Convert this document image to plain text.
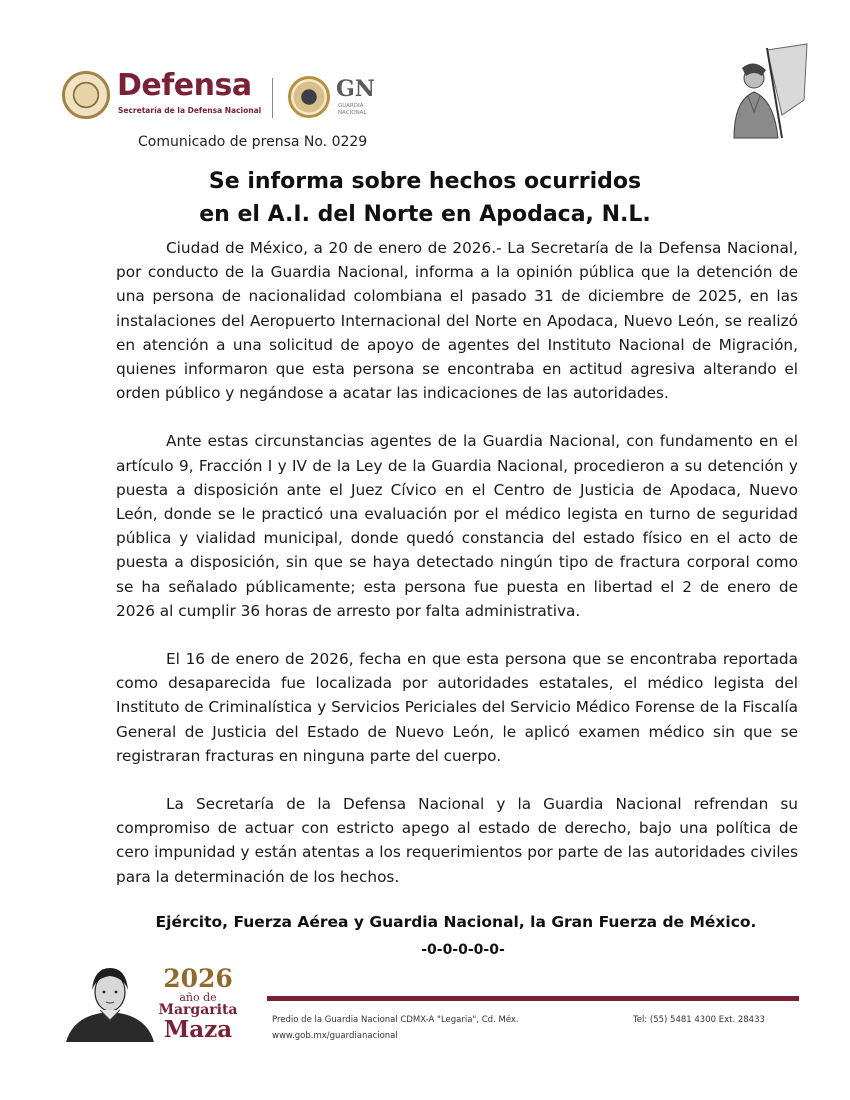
Defensa
Secretaría de la Defensa Nacional
GN
GUARDIA NACIONAL
Comunicado de prensa No. 0229
Se informa sobre hechos ocurridos
en el A.I. del Norte en Apodaca, N.L.

Ciudad de México, a 20 de enero de 2026.- La Secretaría de la Defensa Nacional, por conducto de la Guardia Nacional, informa a la opinión pública que la detención de una persona de nacionalidad colombiana el pasado 31 de diciembre de 2025, en las instalaciones del Aeropuerto Internacional del Norte en Apodaca, Nuevo León, se realizó en atención a una solicitud de apoyo de agentes del Instituto Nacional de Migración, quienes informaron que esta persona se encontraba en actitud agresiva alterando el orden público y negándose a acatar las indicaciones de las autoridades.

Ante estas circunstancias agentes de la Guardia Nacional, con fundamento en el artículo 9, Fracción I y IV de la Ley de la Guardia Nacional, procedieron a su detención y puesta a disposición ante el Juez Cívico en el Centro de Justicia de Apodaca, Nuevo León, donde se le practicó una evaluación por el médico legista en turno de seguridad pública y vialidad municipal, donde quedó constancia del estado físico en el acto de puesta a disposición, sin que se haya detectado ningún tipo de fractura corporal como se ha señalado públicamente; esta persona fue puesta en libertad el 2 de enero de 2026 al cumplir 36 horas de arresto por falta administrativa.

El 16 de enero de 2026, fecha en que esta persona que se encontraba reportada como desaparecida fue localizada por autoridades estatales, el médico legista del Instituto de Criminalística y Servicios Periciales del Servicio Médico Forense de la Fiscalía General de Justicia del Estado de Nuevo León, le aplicó examen médico sin que se registraran fracturas en ninguna parte del cuerpo.

La Secretaría de la Defensa Nacional y la Guardia Nacional refrendan su compromiso de actuar con estricto apego al estado de derecho, bajo una política de cero impunidad y están atentas a los requerimientos por parte de las autoridades civiles para la determinación de los hechos.

Ejército, Fuerza Aérea y Guardia Nacional, la Gran Fuerza de México.
-0-0-0-0-0-
2026
año de
Margarita
Maza	Predio de la Guardia Nacional CDMX-A "Legaria", Cd. Méx.
www.gob.mx/guardianacional
Tel: (55) 5481 4300 Ext. 28433
